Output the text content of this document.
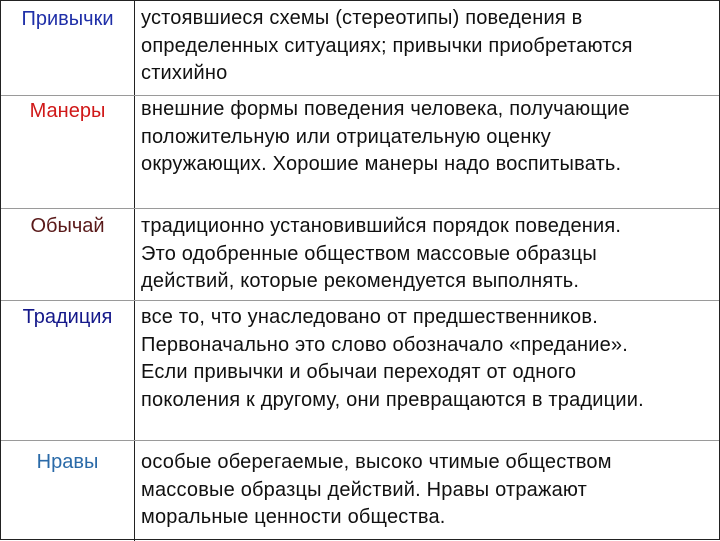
Привычки	устоявшиеся схемы (стереотипы) поведения в
определенных ситуациях; привычки приобретаются
стихийно
Манеры	внешние формы поведения человека, получающие
положительную или отрицательную оценку
окружающих. Хорошие манеры надо воспитывать.
Обычай	традиционно установившийся порядок поведения.
Это одобренные обществом массовые образцы
действий, которые рекомендуется выполнять.
Традиция	все то, что унаследовано от предшественников.
Первоначально это слово обозначало «предание».
Если привычки и обычаи переходят от одного
поколения к другому, они превращаются в традиции.
Нравы	особые оберегаемые, высоко чтимые обществом
массовые образцы действий. Нравы отражают
моральные ценности общества.
